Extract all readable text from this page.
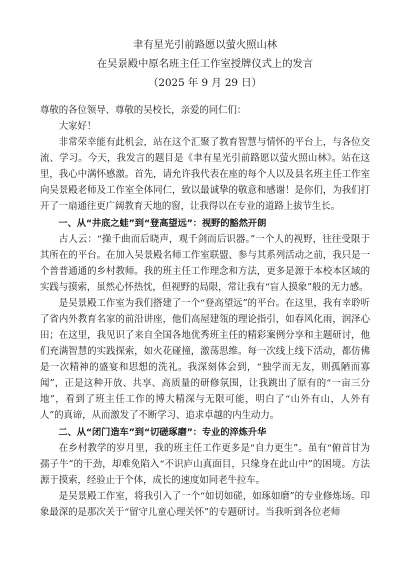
聿有星光引前路愿以萤火照山林
在吴景殿中原名班主任工作室授牌仪式上的发言
（2025 年 9 月 29 日）
尊敬的各位领导、尊敬的吴校长，亲爱的同仁们：
大家好！

非常荣幸能有此机会，站在这个汇聚了教育智慧与情怀的平台上，与各位交流、学习。今天，我发言的题目是《聿有星光引前路愿以萤火照山林》。站在这里，我心中满怀感激。首先，请允许我代表在座的每个人以及县名班主任工作室向吴景殿老师及工作室全体同仁，致以最诚挚的敬意和感谢！是你们，为我们打开了一扇通往更广阔教育天地的窗，让我得以在专业的道路上拔节生长。

一、从“井底之蛙”到“登高望远”：视野的豁然开朗

古人云：“操千曲而后晓声，观千剑而后识器。”一个人的视野，往往受限于其所在的平台。在加入吴景殿名师工作室联盟、参与其系列活动之前，我只是一个普普通通的乡村教师。我的班主任工作理念和方法，更多是源于本校本区域的实践与摸索，虽然心怀热忱，但视野的局限，常让我有“盲人摸象”般的无力感。

是吴景殿工作室为我们搭建了一个“登高望远”的平台。在这里，我有幸聆听了省内外教育名家的前沿讲座，他们高屋建瓴的理论指引，如春风化雨，润泽心田；在这里，我见识了来自全国各地优秀班主任的精彩案例分享和主题研讨，他们充满智慧的实践探索，如火花碰撞，激荡思维。每一次线上线下活动，都仿佛是一次精神的盛宴和思想的洗礼。我深刻体会到，“独学而无友，则孤陋而寡闻”，正是这种开放、共享、高质量的研修氛围，让我跳出了原有的“一亩三分地”，看到了班主任工作的博大精深与无限可能，明白了“山外有山，人外有人”的真谛，从而激发了不断学习、追求卓越的内生动力。

二、从“闭门造车”到“切磋琢磨”：专业的淬炼升华

在乡村教学的岁月里，我的班主任工作更多是“自力更生”。虽有“俯首甘为孺子牛”的干劲，却难免陷入“不识庐山真面目，只缘身在此山中”的困境。方法源于摸索，经验止于个体，成长的速度如同老牛拉车。

是吴景殿工作室，将我引入了一个“如切如磋，如琢如磨”的专业修炼场。印象最深的是那次关于“留守儿童心理关怀”的专题研讨。当我听到各位老师
